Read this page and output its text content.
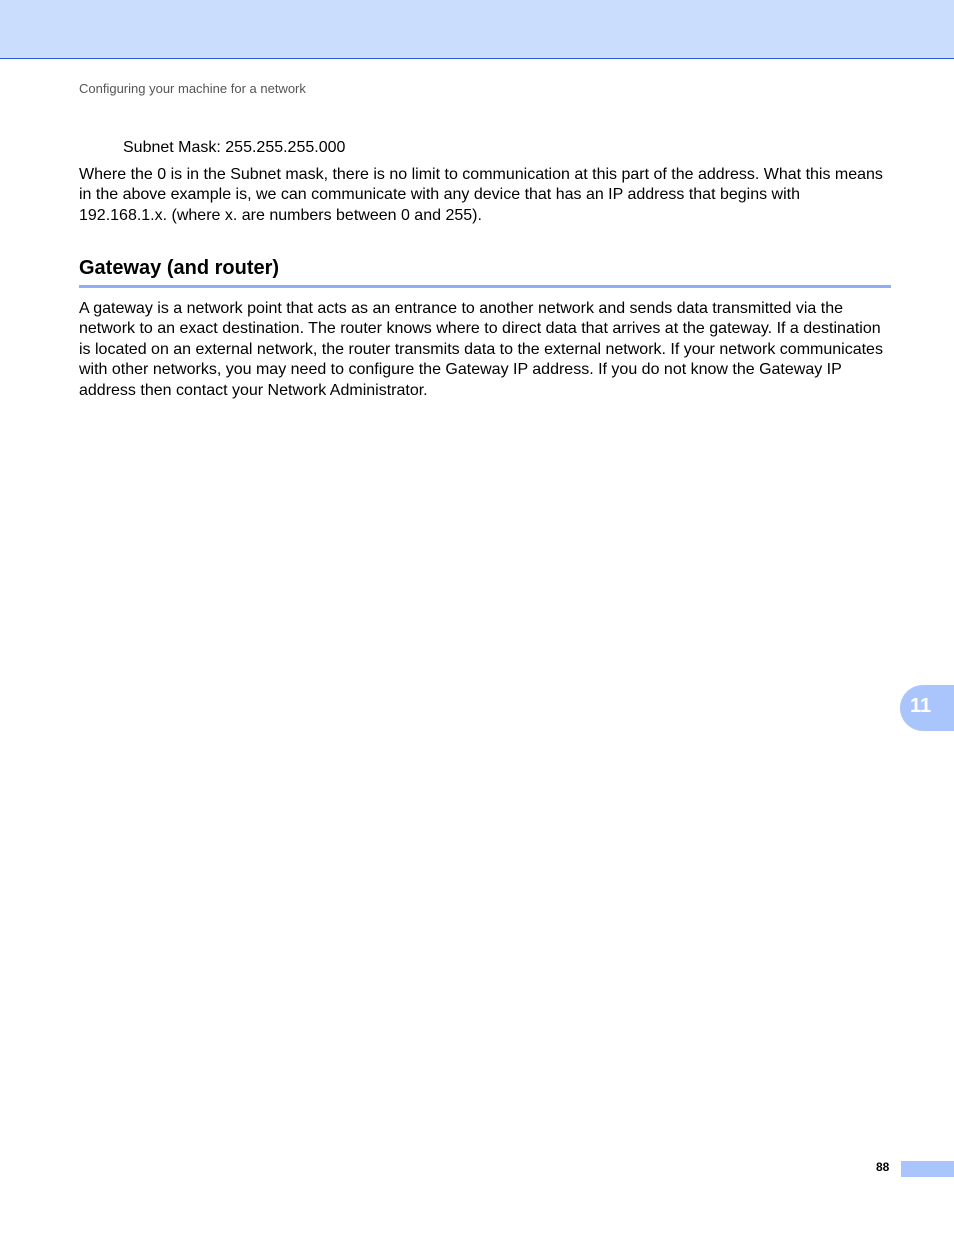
Configuring your machine for a network
Subnet Mask: 255.255.255.000

Where the 0 is in the Subnet mask, there is no limit to communication at this part of the address. What this means in the above example is, we can communicate with any device that has an IP address that begins with 192.168.1.x. (where x. are numbers between 0 and 255).

Gateway (and router)

A gateway is a network point that acts as an entrance to another network and sends data transmitted via the network to an exact destination. The router knows where to direct data that arrives at the gateway. If a destination is located on an external network, the router transmits data to the external network. If your network communicates with other networks, you may need to configure the Gateway IP address. If you do not know the Gateway IP address then contact your Network Administrator.

11
88
